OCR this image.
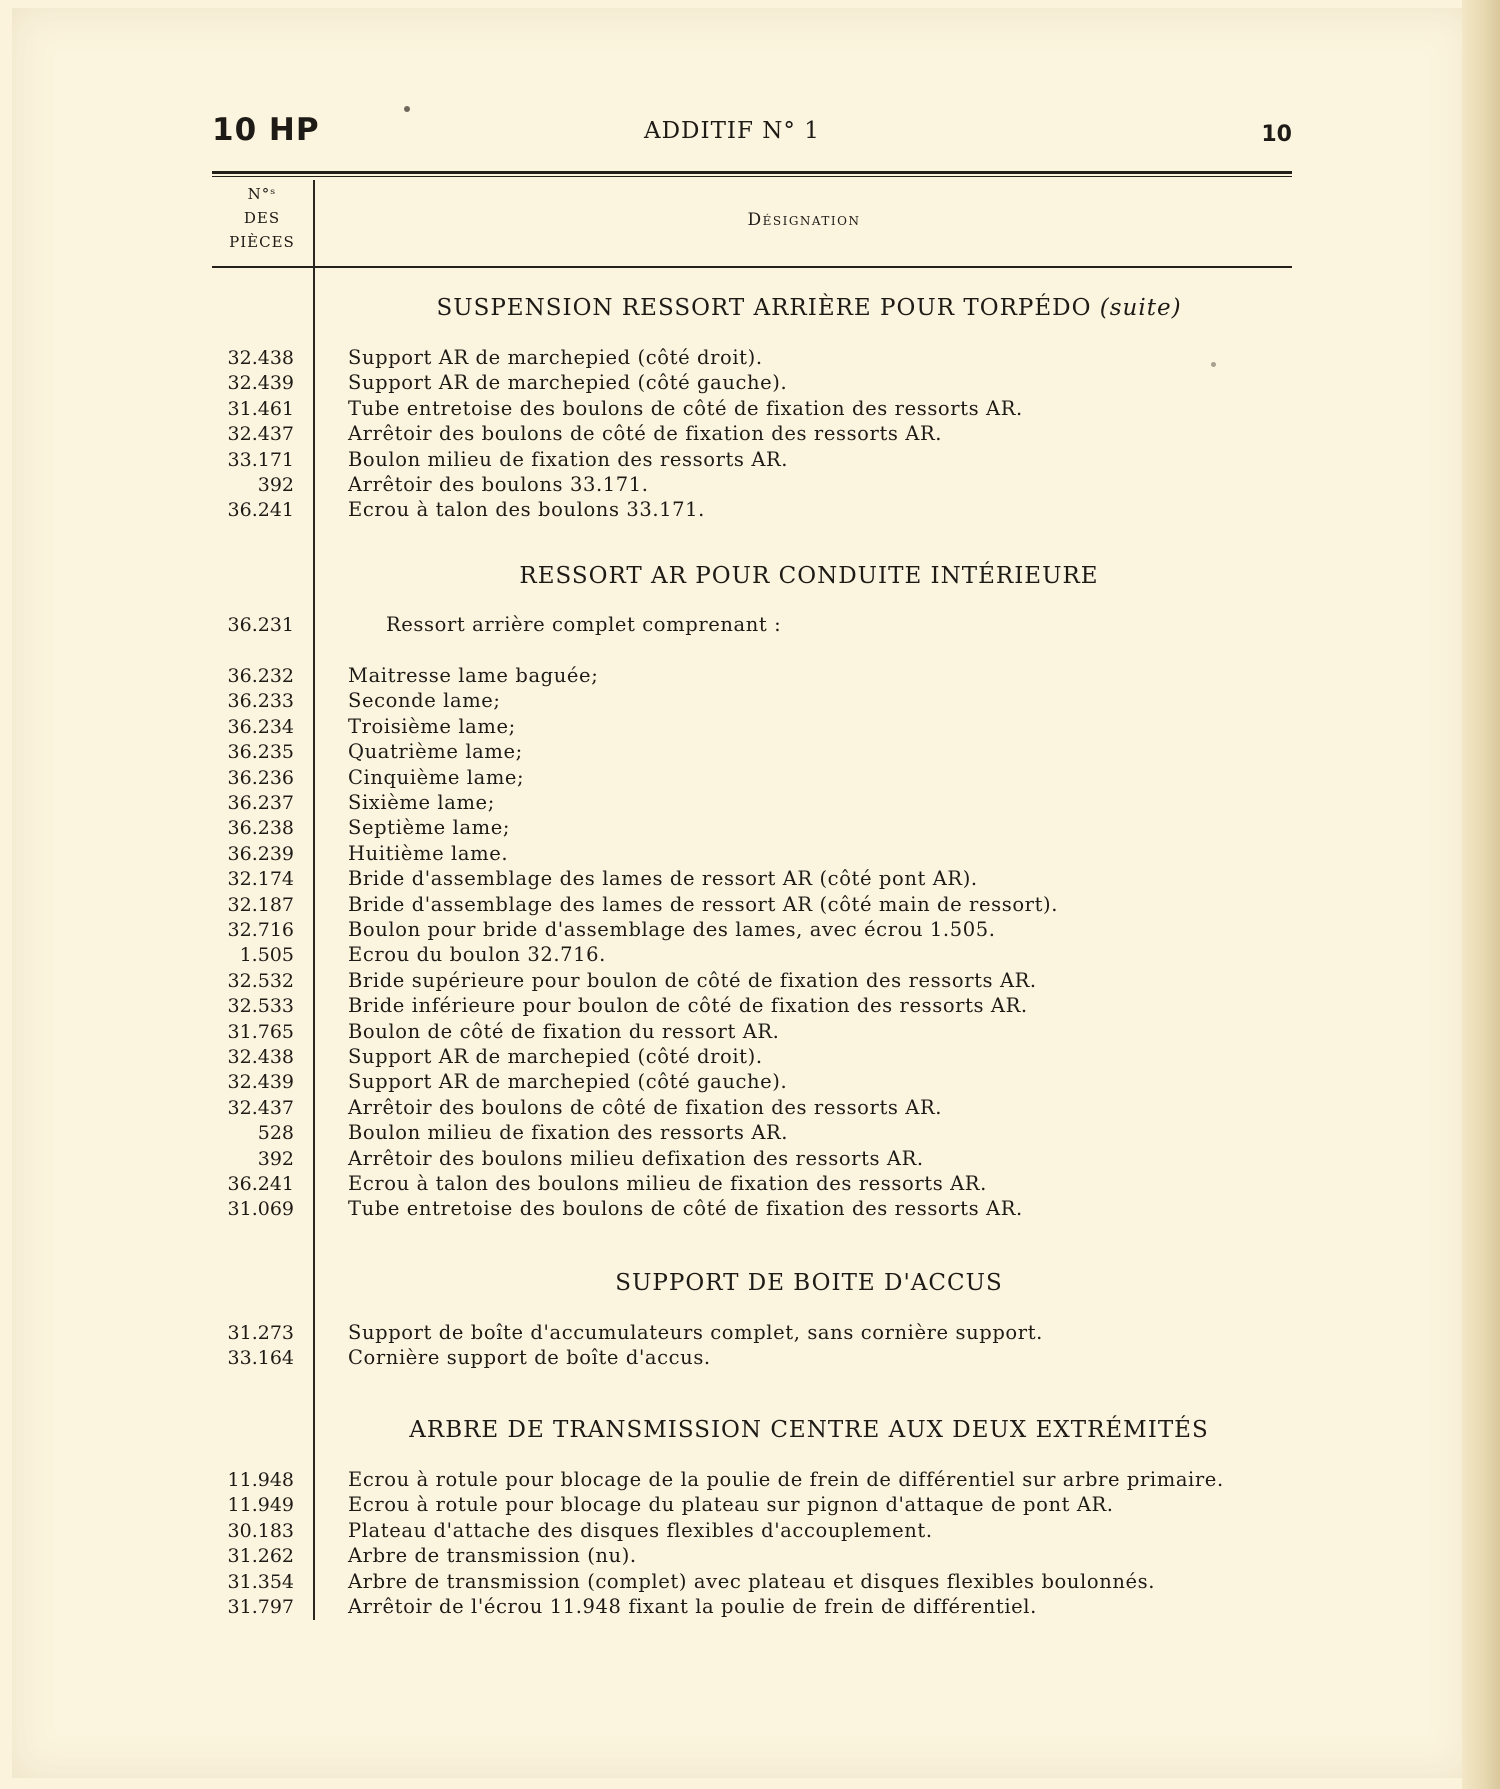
10 HP	ADDITIF N° 1	10
N°ˢ
DES
PIÈCES
Désignation
SUSPENSION RESSORT ARRIÈRE POUR TORPÉDO (suite)
32.438	Support AR de marchepied (côté droit).
32.439	Support AR de marchepied (côté gauche).
31.461	Tube entretoise des boulons de côté de fixation des ressorts AR.
32.437	Arrêtoir des boulons de côté de fixation des ressorts AR.
33.171	Boulon milieu de fixation des ressorts AR.
392	Arrêtoir des boulons 33.171.
36.241	Ecrou à talon des boulons 33.171.
RESSORT AR POUR CONDUITE INTÉRIEURE
36.231	Ressort arrière complet comprenant :
36.232	Maitresse lame baguée;
36.233	Seconde lame;
36.234	Troisième lame;
36.235	Quatrième lame;
36.236	Cinquième lame;
36.237	Sixième lame;
36.238	Septième lame;
36.239	Huitième lame.
32.174	Bride d'assemblage des lames de ressort AR (côté pont AR).
32.187	Bride d'assemblage des lames de ressort AR (côté main de ressort).
32.716	Boulon pour bride d'assemblage des lames, avec écrou 1.505.
1.505	Ecrou du boulon 32.716.
32.532	Bride supérieure pour boulon de côté de fixation des ressorts AR.
32.533	Bride inférieure pour boulon de côté de fixation des ressorts AR.
31.765	Boulon de côté de fixation du ressort AR.
32.438	Support AR de marchepied (côté droit).
32.439	Support AR de marchepied (côté gauche).
32.437	Arrêtoir des boulons de côté de fixation des ressorts AR.
528	Boulon milieu de fixation des ressorts AR.
392	Arrêtoir des boulons milieu defixation des ressorts AR.
36.241	Ecrou à talon des boulons milieu de fixation des ressorts AR.
31.069	Tube entretoise des boulons de côté de fixation des ressorts AR.
SUPPORT DE BOITE D'ACCUS
31.273	Support de boîte d'accumulateurs complet, sans cornière support.
33.164	Cornière support de boîte d'accus.
ARBRE DE TRANSMISSION CENTRE AUX DEUX EXTRÉMITÉS
11.948	Ecrou à rotule pour blocage de la poulie de frein de différentiel sur arbre primaire.
11.949	Ecrou à rotule pour blocage du plateau sur pignon d'attaque de pont AR.
30.183	Plateau d'attache des disques flexibles d'accouplement.
31.262	Arbre de transmission (nu).
31.354	Arbre de transmission (complet) avec plateau et disques flexibles boulonnés.
31.797	Arrêtoir de l'écrou 11.948 fixant la poulie de frein de différentiel.
